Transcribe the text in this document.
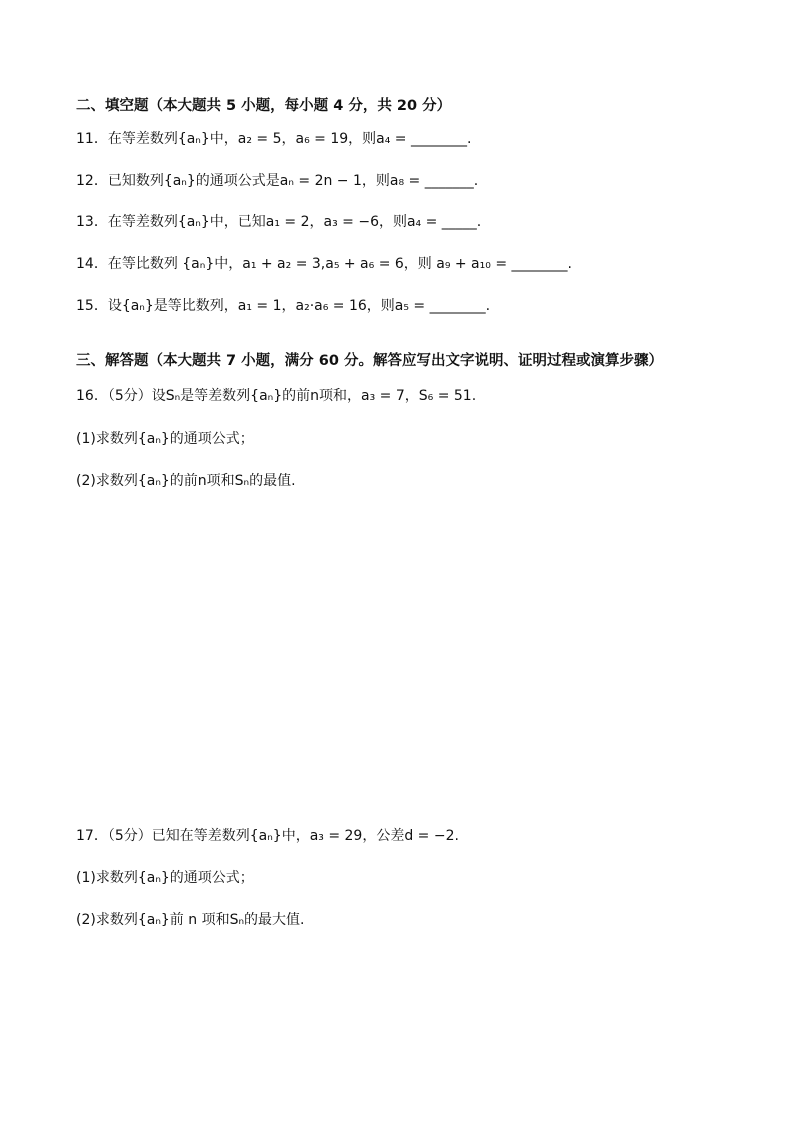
二、填空题（本大题共 5 小题，每小题 4 分，共 20 分）
11．在等差数列{aₙ}中，a₂ = 5，a₆ = 19，则a₄ = ________.
12．已知数列{aₙ}的通项公式是aₙ = 2n − 1，则a₈ = _______.
13．在等差数列{aₙ}中，已知a₁ = 2，a₃ = −6，则a₄ = _____.
14．在等比数列 {aₙ}中，a₁ + a₂ = 3,a₅ + a₆ = 6，则 a₉ + a₁₀ = ________.
15．设{aₙ}是等比数列，a₁ = 1，a₂·a₆ = 16，则a₅ = ________.
三、解答题（本大题共 7 小题，满分 60 分。解答应写出文字说明、证明过程或演算步骤）
16．（5分）设Sₙ是等差数列{aₙ}的前n项和，a₃ = 7，S₆ = 51.
(1)求数列{aₙ}的通项公式；
(2)求数列{aₙ}的前n项和Sₙ的最值.
17．（5分）已知在等差数列{aₙ}中，a₃ = 29，公差d = −2.
(1)求数列{aₙ}的通项公式；
(2)求数列{aₙ}前 n 项和Sₙ的最大值.
